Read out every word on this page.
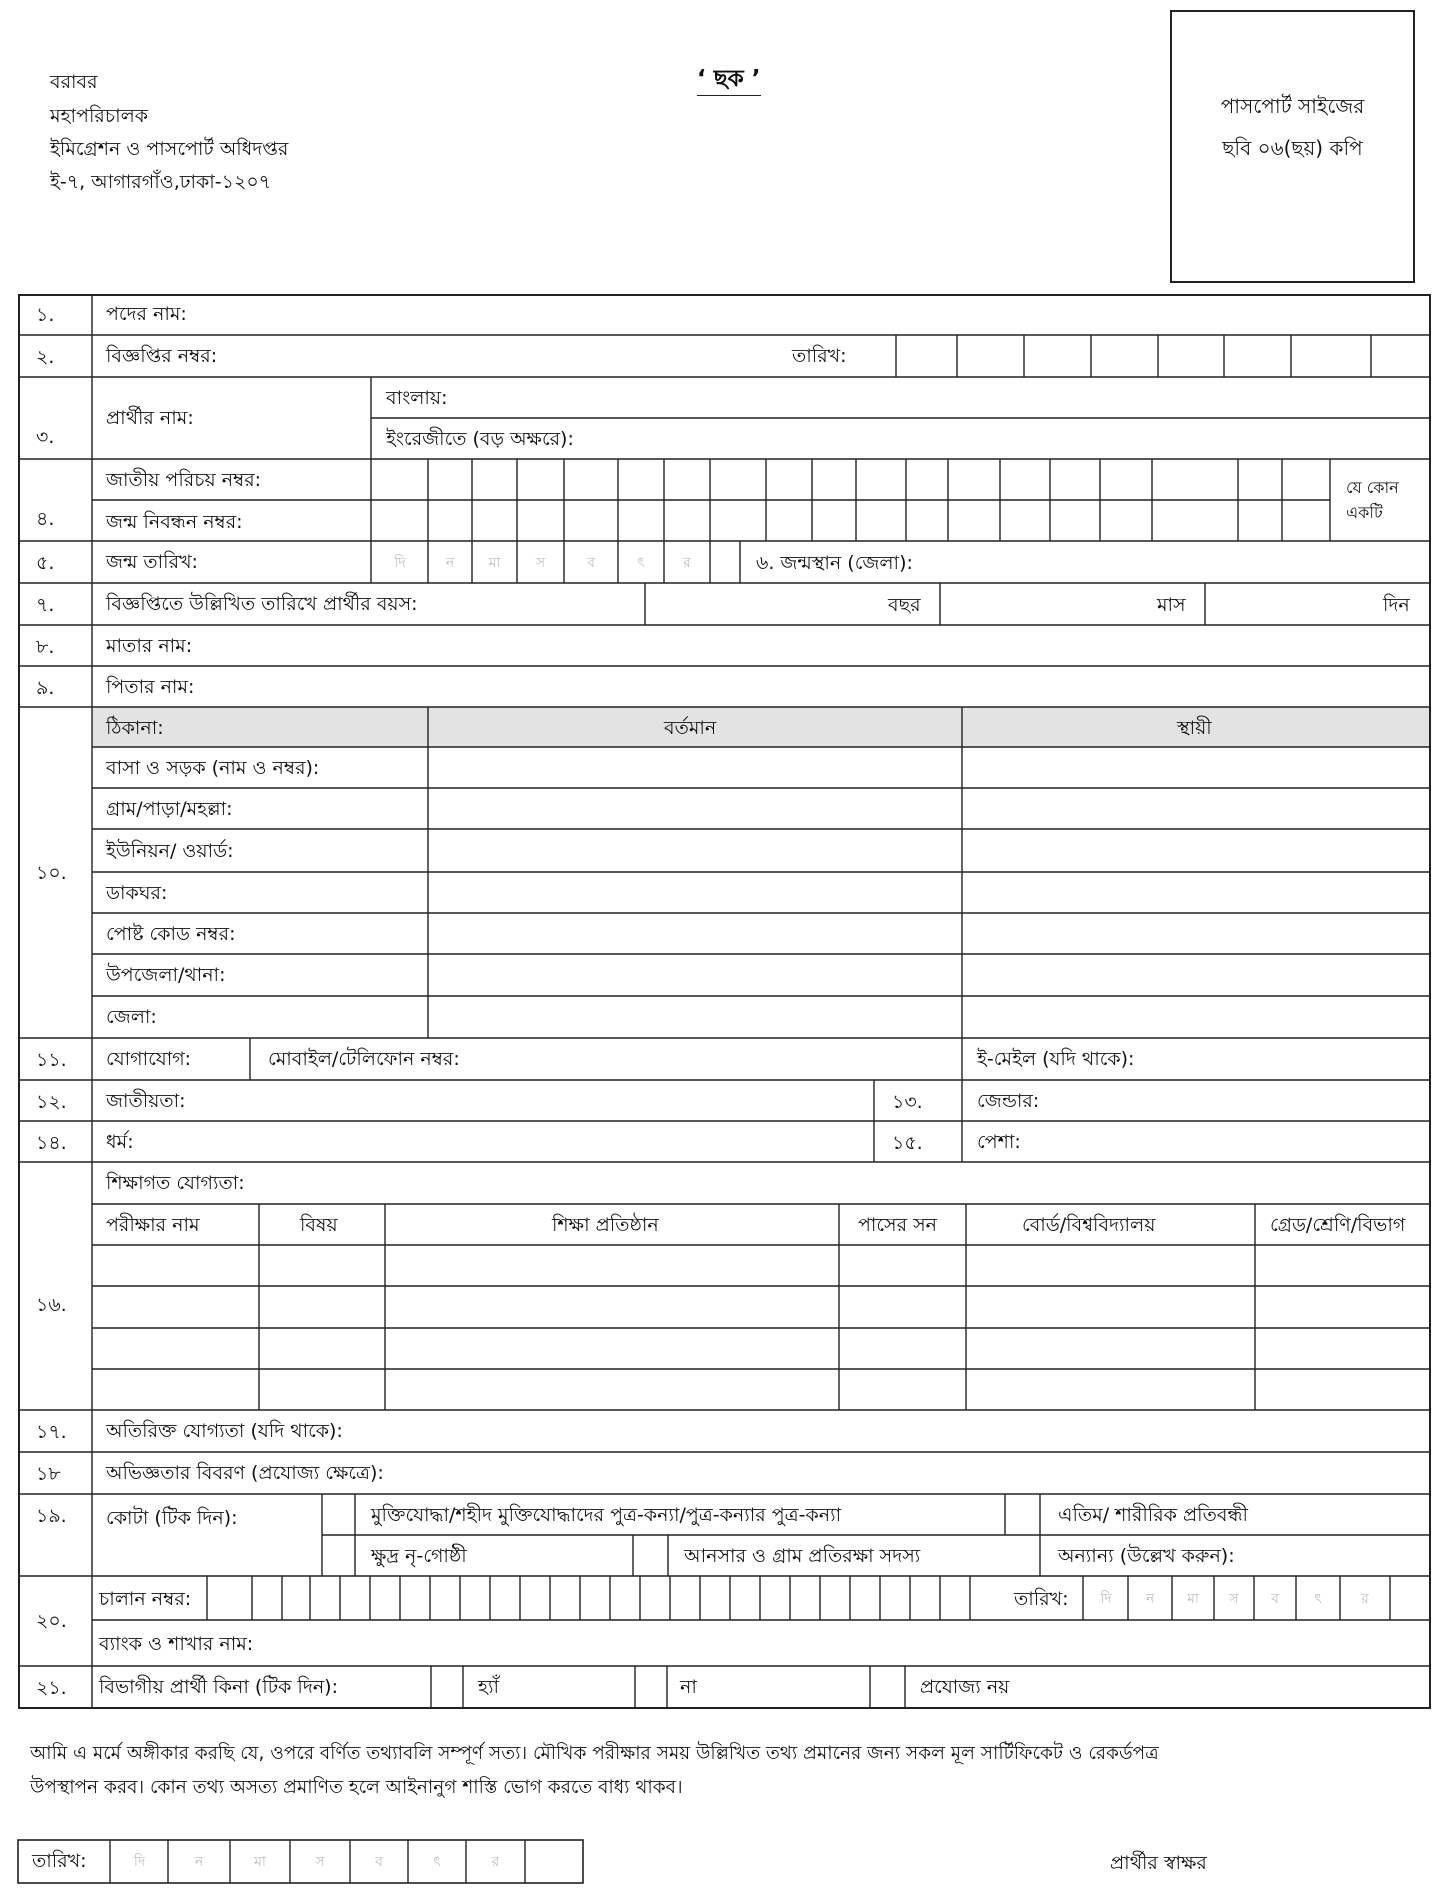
বরাবর
মহাপরিচালক
ইমিগ্রেশন ও পাসপোর্ট অধিদপ্তর
ই-৭, আগারগাঁও,ঢাকা-১২০৭
‘ ছক ’
পাসপোর্ট সাইজের
ছবি ০৬(ছয়) কপি
১.	পদের নাম:
২.	বিজ্ঞপ্তির নম্বর:	তারিখ:
৩.
প্রার্থীর নাম:
বাংলায়:
ইংরেজীতে (বড় অক্ষরে):
৪.
জাতীয় পরিচয় নম্বর:
জন্ম নিবন্ধন নম্বর:
যে কোন
একটি
৫.	জন্ম তারিখ:	দি	ন	মা	স	ব	ৎ	র	৬. জন্মস্থান (জেলা):
৭.	বিজ্ঞপ্তিতে উল্লিখিত তারিখে প্রার্থীর বয়স:	বছর	মাস	দিন
৮.	মাতার নাম:
৯.	পিতার নাম:
১০.
ঠিকানা:	বর্তমান	স্থায়ী
বাসা ও সড়ক (নাম ও নম্বর):
গ্রাম/পাড়া/মহল্লা:
ইউনিয়ন/ ওয়ার্ড:
ডাকঘর:
পোষ্ট কোড নম্বর:
উপজেলা/থানা:
জেলা:
১১. যোগাযোগ:	মোবাইল/টেলিফোন নম্বর:	ই-মেইল (যদি থাকে):
১২. জাতীয়তা:	১৩.	জেন্ডার:
১৪. ধর্ম:	১৫.	পেশা:
১৬.
শিক্ষাগত যোগ্যতা:
পরীক্ষার নাম	বিষয়	শিক্ষা প্রতিষ্ঠান	পাসের সন	বোর্ড/বিশ্ববিদ্যালয়	গ্রেড/শ্রেণি/বিভাগ
১৭. অতিরিক্ত যোগ্যতা (যদি থাকে):
১৮ অভিজ্ঞতার বিবরণ (প্রযোজ্য ক্ষেত্রে):
১৯. কোটা (টিক দিন):	মুক্তিযোদ্ধা/শহীদ মুক্তিযোদ্ধাদের পুত্র-কন্যা/পুত্র-কন্যার পুত্র-কন্যা	এতিম/ শারীরিক প্রতিবন্ধী
ক্ষুদ্র নৃ-গোষ্ঠী	আনসার ও গ্রাম প্রতিরক্ষা সদস্য	অন্যান্য (উল্লেখ করুন):
২০.
চালান নম্বর:	তারিখ:	দি	ন	মা	স	ব	ৎ	র
ব্যাংক ও শাখার নাম:
২১. বিভাগীয় প্রার্থী কিনা (টিক দিন):	হ্যাঁ	না	প্রযোজ্য নয়
আমি এ মর্মে অঙ্গীকার করছি যে, ওপরে বর্ণিত তথ্যাবলি সম্পূর্ণ সত্য। মৌখিক পরীক্ষার সময় উল্লিখিত তথ্য প্রমানের জন্য সকল মূল সার্টিফিকেট ও রেকর্ডপত্র
উপস্থাপন করব। কোন তথ্য অসত্য প্রমাণিত হলে আইনানুগ শাস্তি ভোগ করতে বাধ্য থাকব।
তারিখ:	দি	ন	মা	স	ব	ৎ	র	প্রার্থীর স্বাক্ষর
